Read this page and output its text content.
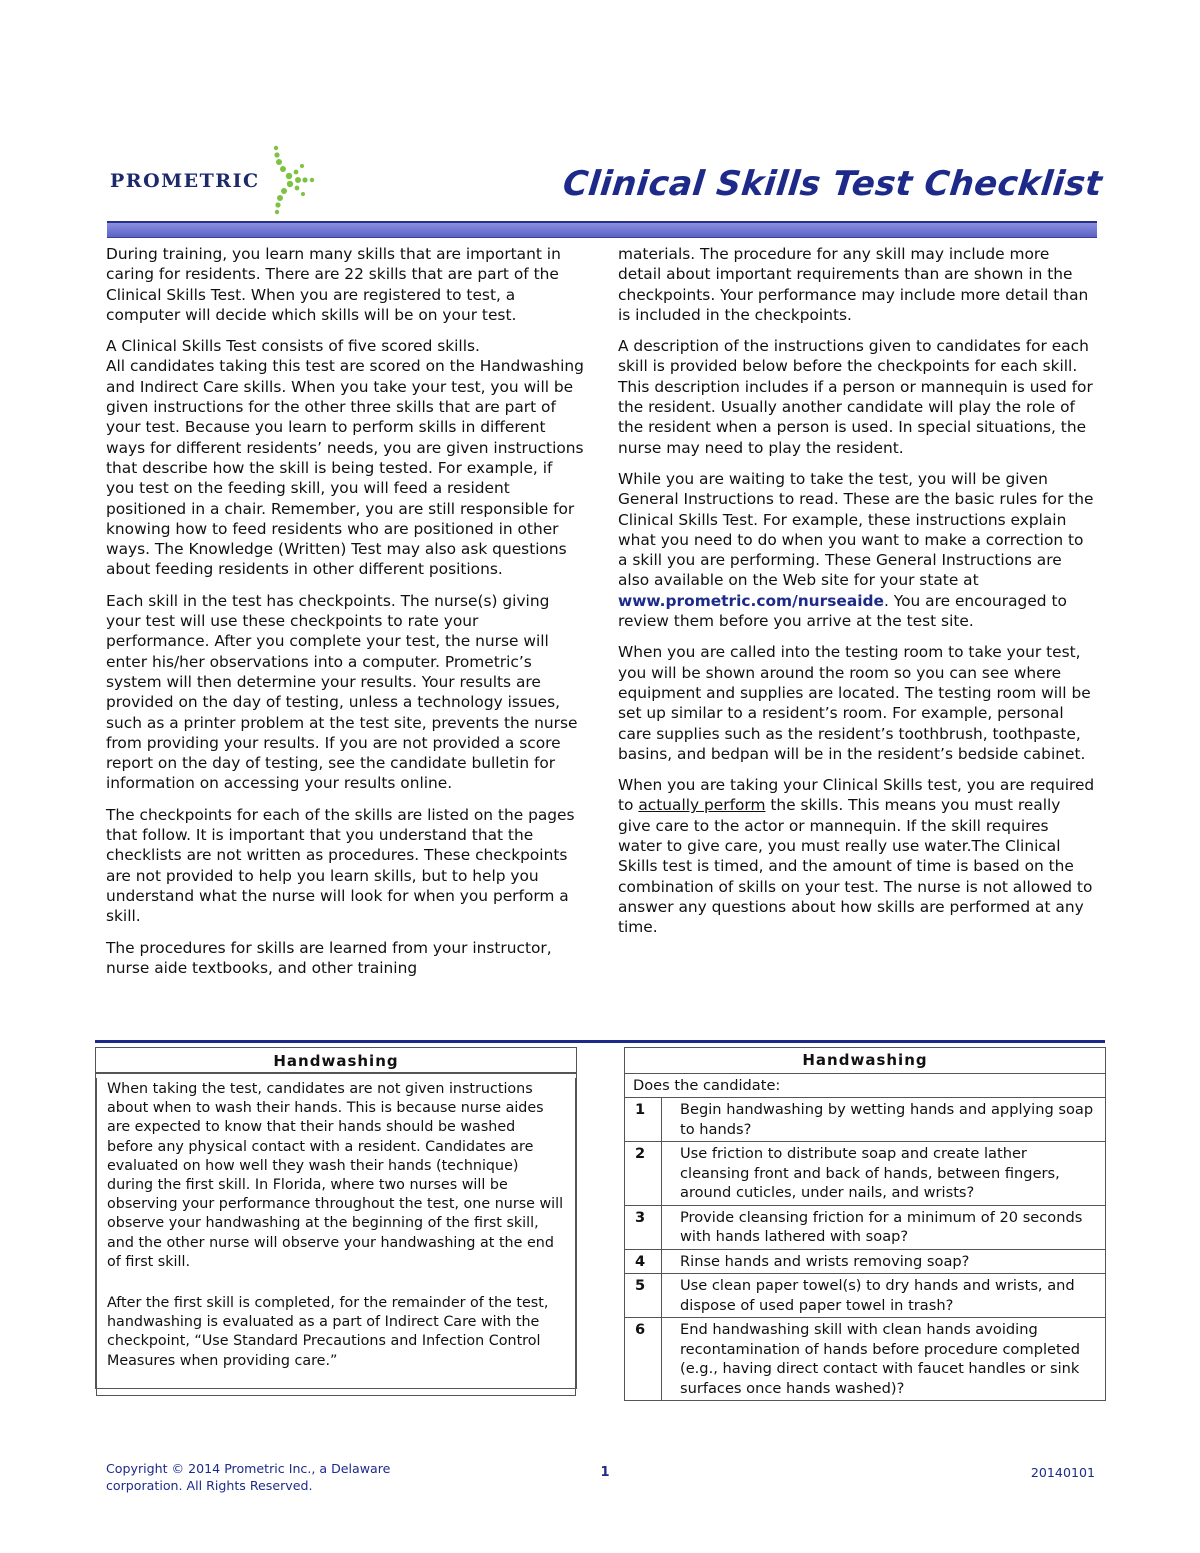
PROMETRIC	Clinical Skills Test Checklist

During training, you learn many skills that are important in caring for residents. There are 22 skills that are part of the Clinical Skills Test. When you are registered to test, a computer will decide which skills will be on your test.

A Clinical Skills Test consists of five scored skills.
All candidates taking this test are scored on the Handwashing and Indirect Care skills. When you take your test, you will be given instructions for the other three skills that are part of your test. Because you learn to perform skills in different ways for different residents’ needs, you are given instructions that describe how the skill is being tested. For example, if you test on the feeding skill, you will feed a resident positioned in a chair. Remember, you are still responsible for knowing how to feed residents who are positioned in other ways. The Knowledge (Written) Test may also ask questions about feeding residents in other different positions.

Each skill in the test has checkpoints. The nurse(s) giving your test will use these checkpoints to rate your performance. After you complete your test, the nurse will enter his/her observations into a computer. Prometric’s system will then determine your results. Your results are provided on the day of testing, unless a technology issues, such as a printer problem at the test site, prevents the nurse from providing your results. If you are not provided a score report on the day of testing, see the candidate bulletin for information on accessing your results online.

The checkpoints for each of the skills are listed on the pages that follow. It is important that you understand that the checklists are not written as procedures. These checkpoints are not provided to help you learn skills, but to help you understand what the nurse will look for when you perform a skill.

The procedures for skills are learned from your instructor, nurse aide textbooks, and other training

materials. The procedure for any skill may include more detail about important requirements than are shown in the checkpoints. Your performance may include more detail than is included in the checkpoints.

A description of the instructions given to candidates for each skill is provided below before the checkpoints for each skill. This description includes if a person or mannequin is used for the resident. Usually another candidate will play the role of the resident when a person is used. In special situations, the nurse may need to play the resident.

While you are waiting to take the test, you will be given General Instructions to read. These are the basic rules for the Clinical Skills Test. For example, these instructions explain what you need to do when you want to make a correction to a skill you are performing. These General Instructions are also available on the Web site for your state at www.prometric.com/nurseaide. You are encouraged to review them before you arrive at the test site.

When you are called into the testing room to take your test, you will be shown around the room so you can see where equipment and supplies are located. The testing room will be set up similar to a resident’s room. For example, personal care supplies such as the resident’s toothbrush, toothpaste, basins, and bedpan will be in the resident’s bedside cabinet.

When you are taking your Clinical Skills test, you are required to actually perform the skills. This means you must really give care to the actor or mannequin. If the skill requires water to give care, you must really use water.The Clinical Skills test is timed, and the amount of time is based on the combination of skills on your test. The nurse is not allowed to answer any questions about how skills are performed at any time.

Handwashing

When taking the test, candidates are not given instructions about when to wash their hands. This is because nurse aides are expected to know that their hands should be washed before any physical contact with a resident. Candidates are evaluated on how well they wash their hands (technique) during the first skill. In Florida, where two nurses will be observing your performance throughout the test, one nurse will observe your handwashing at the beginning of the first skill, and the other nurse will observe your handwashing at the end of first skill.

After the first skill is completed, for the remainder of the test, handwashing is evaluated as a part of Indirect Care with the checkpoint, “Use Standard Precautions and Infection Control Measures when providing care.”

Handwashing	
Does the candidate:	
1	Begin handwashing by wetting hands and applying soap to hands?
2	Use friction to distribute soap and create lather cleansing front and back of hands, between fingers, around cuticles, under nails, and wrists?
3	Provide cleansing friction for a minimum of 20 seconds with hands lathered with soap?
4	Rinse hands and wrists removing soap?
5	Use clean paper towel(s) to dry hands and wrists, and dispose of used paper towel in trash?
6	End handwashing skill with clean hands avoiding recontamination of hands before procedure completed (e.g., having direct contact with faucet handles or sink surfaces once hands washed)?
Copyright © 2014 Prometric Inc., a Delaware corporation. All Rights Reserved.
1	20140101
